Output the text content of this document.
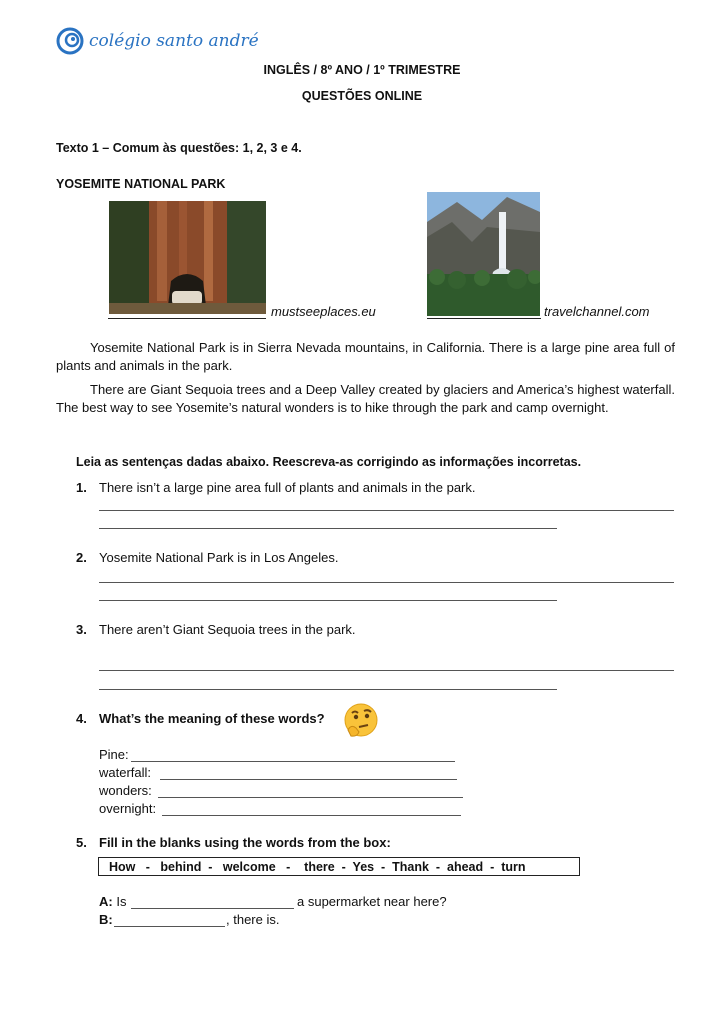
colégio santo andré
INGLÊS / 8º ANO / 1º TRIMESTRE
QUESTÕES ONLINE
Texto 1 – Comum às questões: 1, 2, 3 e 4.
YOSEMITE NATIONAL PARK
mustseeplaces.eu	travelchannel.com
Yosemite National Park is in Sierra Nevada mountains, in California. There is a large pine area full of plants and animals in the park.
There are Giant Sequoia trees and a Deep Valley created by glaciers and America’s highest waterfall. The best way to see Yosemite’s natural wonders is to hike through the park and camp overnight.
Leia as sentenças dadas abaixo. Reescreva-as corrigindo as informações incorretas.
1. There isn’t a large pine area full of plants and animals in the park.
2. Yosemite National Park is in Los Angeles.
3. There aren’t Giant Sequoia trees in the park.
4. What’s the meaning of these words?
Pine:
waterfall:
wonders:
overnight:
5. Fill in the blanks using the words from the box:
How   -   behind  -   welcome   -    there  -  Yes  -  Thank  -  ahead  -  turn
A: Is	a supermarket near here?
B:	, there is.
